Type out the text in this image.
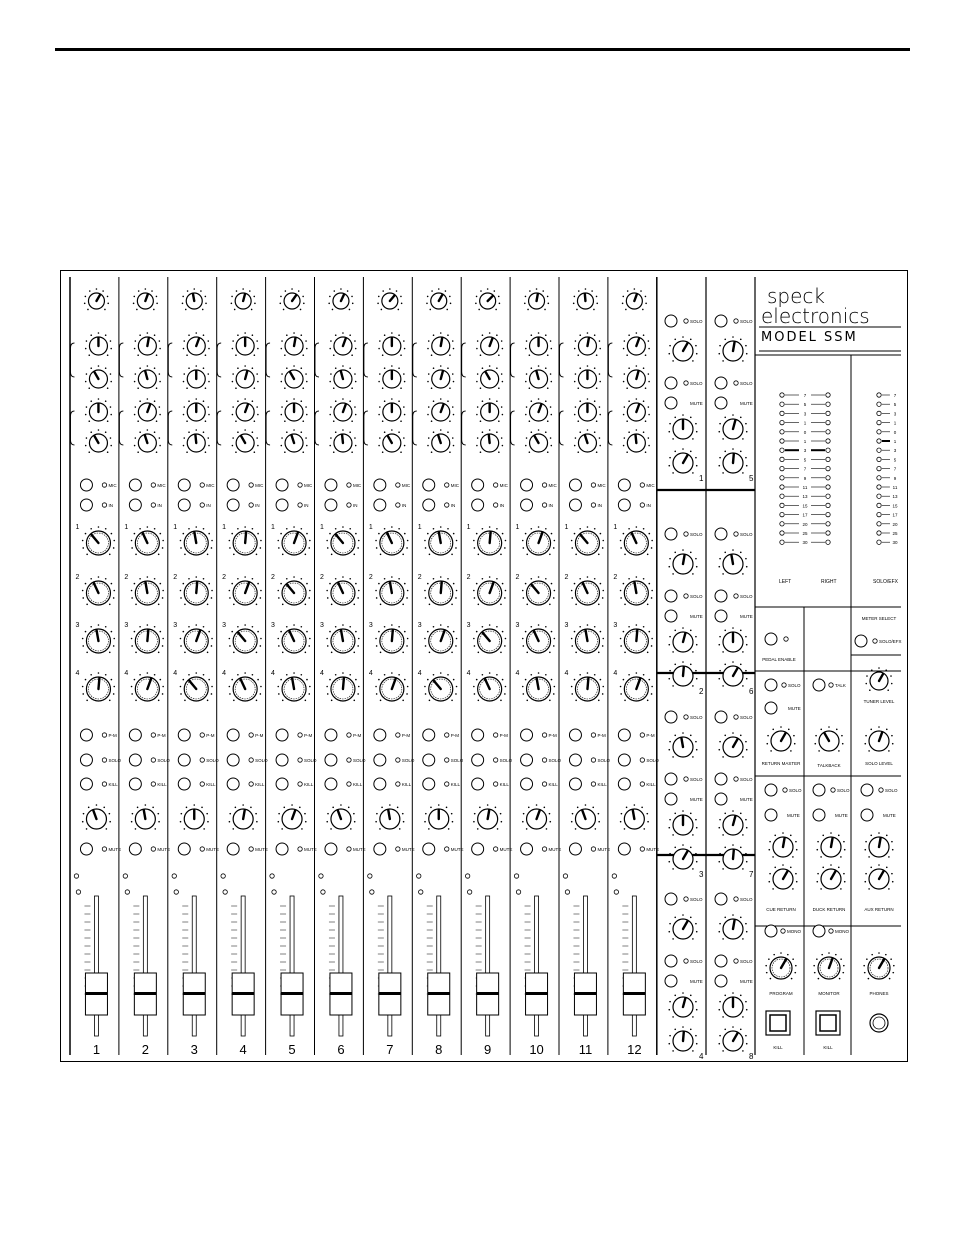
speck
electronics
MODEL SSM
MIC
IN
1
2
3
4
P-M
SOLO
KILL
MUTE
1
MIC
IN
1
2
3
4
P-M
SOLO
KILL
MUTE
2
MIC
IN
1
2
3
4
P-M
SOLO
KILL
MUTE
3
MIC
IN
1
2
3
4
P-M
SOLO
KILL
MUTE
4
MIC
IN
1
2
3
4
P-M
SOLO
KILL
MUTE
5
MIC
IN
1
2
3
4
P-M
SOLO
KILL
MUTE
6
MIC
IN
1
2
3
4
P-M
SOLO
KILL
MUTE
7
MIC
IN
1
2
3
4
P-M
SOLO
KILL
MUTE
8
MIC
IN
1
2
3
4
P-M
SOLO
KILL
MUTE
9
MIC
IN
1
2
3
4
P-M
SOLO
KILL
MUTE
10
MIC
IN
1
2
3
4
P-M
SOLO
KILL
MUTE
11
MIC
IN
1
2
3
4
P-M
SOLO
KILL
MUTE
12
SOLO
SOLO
MUTE
1
SOLO
SOLO
MUTE
5
SOLO
SOLO
MUTE
2
SOLO
SOLO
MUTE
6
SOLO
SOLO
MUTE
3
SOLO
SOLO
MUTE
7
SOLO
SOLO
MUTE
4
SOLO
SOLO
MUTE
8
7	7
5	5
3	3
1	1
0	0
1	1
3	3
5	5
7	7
9	9
11	11
13	13
15	15
17	17
20	20
25	25
30	30
LEFT	RIGHT	SOLO/EFX
PEDAL ENABLE
METER SELECT
SOLO/EFX
TUNER LEVEL
SOLO
MUTE
TALK
RETURN MASTER	TALKBACK	SOLO LEVEL
SOLO
MUTE
SOLO
MUTE
SOLO
MUTE
CUE RETURN	DUCK RETURN	AUX RETURN
MONO	MONO
PROGRAM	MONITOR	PHONES
KILL	KILL
